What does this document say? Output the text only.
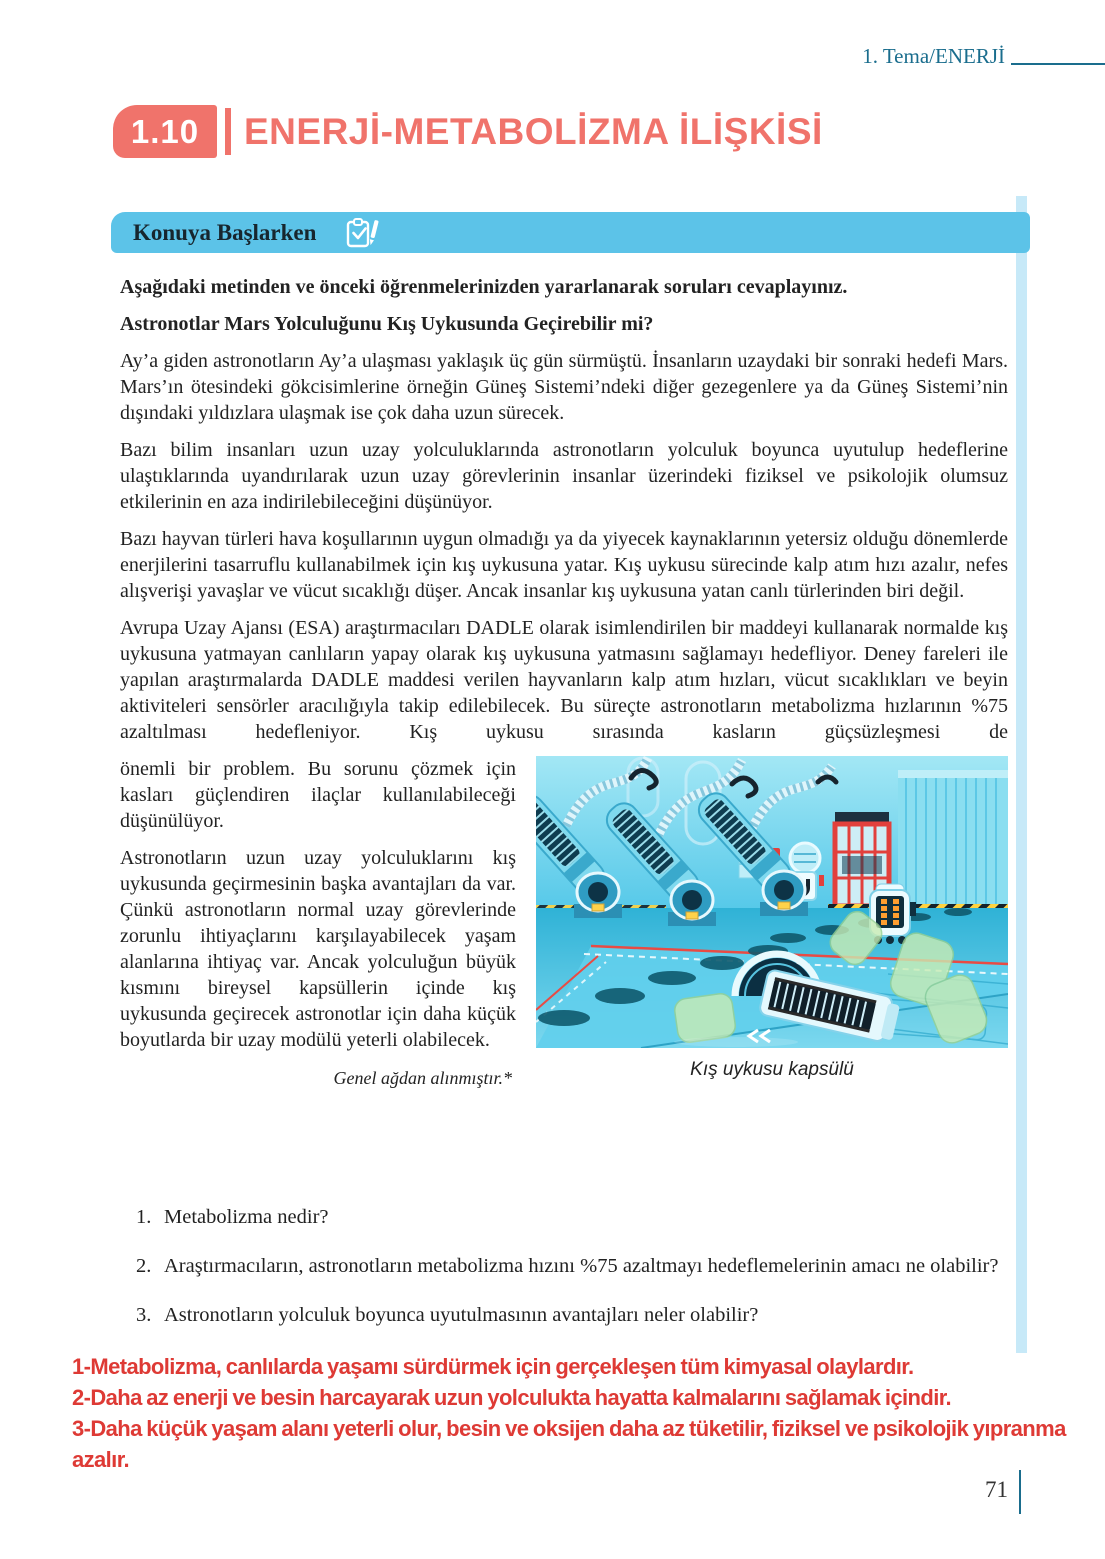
1. Tema/ENERJİ
1.10	ENERJİ-METABOLİZMA İLİŞKİSİ
Konuya Başlarken

Aşağıdaki metinden ve önceki öğrenmelerinizden yararlanarak soruları cevaplayınız.

Astronotlar Mars Yolculuğunu Kış Uykusunda Geçirebilir mi?

Ay’a giden astronotların Ay’a ulaşması yaklaşık üç gün sürmüştü. İnsanların uzaydaki bir sonraki hedefi Mars. Mars’ın ötesindeki gökcisimlerine örneğin Güneş Sistemi’ndeki diğer gezegenlere ya da Güneş Sistemi’nin dışındaki yıldızlara ulaşmak ise çok daha uzun sürecek.

Bazı bilim insanları uzun uzay yolculuklarında astronotların yolculuk boyunca uyutulup hedeflerine ulaştıklarında uyandırılarak uzun uzay görevlerinin insanlar üzerindeki fiziksel ve psikolojik olumsuz etkilerinin en aza indirilebileceğini düşünüyor.

Bazı hayvan türleri hava koşullarının uygun olmadığı ya da yiyecek kaynaklarının yetersiz olduğu dönemlerde enerjilerini tasarruflu kullanabilmek için kış uykusuna yatar. Kış uykusu sürecinde kalp atım hızı azalır, nefes alışverişi yavaşlar ve vücut sıcaklığı düşer. Ancak insanlar kış uykusuna yatan canlı türlerinden biri değil.

Avrupa Uzay Ajansı (ESA) araştırmacıları DADLE olarak isimlendirilen bir maddeyi kullanarak normalde kış uykusuna yatmayan canlıların yapay olarak kış uykusuna yatmasını sağlamayı hedefliyor. Deney fareleri ile yapılan araştırmalarda DADLE maddesi verilen hayvanların kalp atım hızları, vücut sıcaklıkları ve beyin aktiviteleri sensörler aracılığıyla takip edilebilecek. Bu süreçte astronotların metabolizma hızlarının %75 azaltılması hedefleniyor. Kış uykusu sırasında kasların güçsüzleşmesi de

önemli bir problem. Bu sorunu çözmek için kasları güçlendiren ilaçlar kullanılabileceği düşünülüyor.

Astronotların uzun uzay yolculuklarını kış uykusunda geçirmesinin başka avantajları da var. Çünkü astronotların normal uzay görevlerinde zorunlu ihtiyaçlarını karşılayabilecek yaşam alanlarına ihtiyaç var. Ancak yolculuğun büyük kısmını bireysel kapsüllerin içinde kış uykusunda geçirecek astronotlar için daha küçük boyutlarda bir uzay modülü yeterli olabilecek.

Genel ağdan alınmıştır.*	Kış uykusu kapsülü
1. Metabolizma nedir?
2. Araştırmacıların, astronotların metabolizma hızını %75 azaltmayı hedeflemelerinin amacı ne olabilir?
3. Astronotların yolculuk boyunca uyutulmasının avantajları neler olabilir?
1-Metabolizma, canlılarda yaşamı sürdürmek için gerçekleşen tüm kimyasal olaylardır.
2-Daha az enerji ve besin harcayarak uzun yolculukta hayatta kalmalarını sağlamak içindir.
3-Daha küçük yaşam alanı yeterli olur, besin ve oksijen daha az tüketilir, fiziksel ve psikolojik yıpranma azalır.
71
